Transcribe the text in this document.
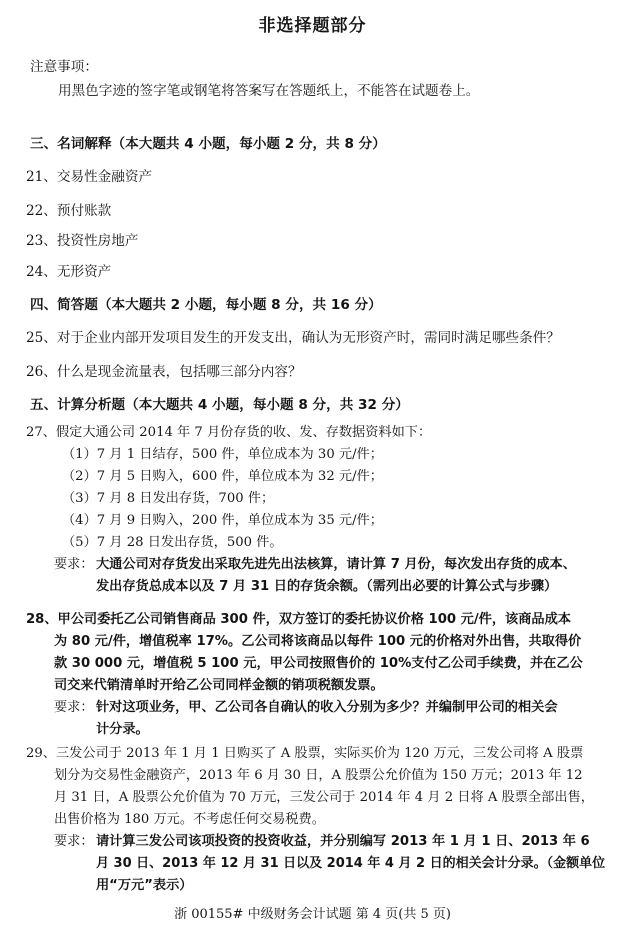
非选择题部分
注意事项：
用黑色字迹的签字笔或钢笔将答案写在答题纸上，不能答在试题卷上。
三、名词解释（本大题共 4 小题，每小题 2 分，共 8 分）
21、交易性金融资产
22、预付账款
23、投资性房地产
24、无形资产
四、简答题（本大题共 2 小题，每小题 8 分，共 16 分）
25、对于企业内部开发项目发生的开发支出，确认为无形资产时，需同时满足哪些条件？
26、什么是现金流量表，包括哪三部分内容？
五、计算分析题（本大题共 4 小题，每小题 8 分，共 32 分）
27、假定大通公司 2014 年 7 月份存货的收、发、存数据资料如下：
（1）7 月 1 日结存，500 件，单位成本为 30 元/件；
（2）7 月 5 日购入，600 件，单位成本为 32 元/件；
（3）7 月 8 日发出存货，700 件；
（4）7 月 9 日购入，200 件，单位成本为 35 元/件；
（5）7 月 28 日发出存货，500 件。
要求： 大通公司对存货发出采取先进先出法核算，请计算 7 月份，每次发出存货的成本、
发出存货总成本以及 7 月 31 日的存货余额。（需列出必要的计算公式与步骤）
28、甲公司委托乙公司销售商品 300 件，双方签订的委托协议价格 100 元/件，该商品成本
为 80 元/件，增值税率 17%。乙公司将该商品以每件 100 元的价格对外出售，共取得价
款 30 000 元，增值税 5 100 元，甲公司按照售价的 10%支付乙公司手续费，并在乙公
司交来代销清单时开给乙公司同样金额的销项税额发票。
要求： 针对这项业务，甲、乙公司各自确认的收入分别为多少？并编制甲公司的相关会
计分录。
29、三发公司于 2013 年 1 月 1 日购买了 A 股票，实际买价为 120 万元，三发公司将 A 股票
划分为交易性金融资产，2013 年 6 月 30 日，A 股票公允价值为 150 万元；2013 年 12
月 31 日，A 股票公允价值为 70 万元，三发公司于 2014 年 4 月 2 日将 A 股票全部出售，
出售价格为 180 万元。不考虑任何交易税费。
要求： 请计算三发公司该项投资的投资收益，并分别编写 2013 年 1 月 1 日、2013 年 6
月 30 日、2013 年 12 月 31 日以及 2014 年 4 月 2 日的相关会计分录。（金额单位
用“万元”表示）
浙 00155# 中级财务会计试题 第 4 页(共 5 页)
